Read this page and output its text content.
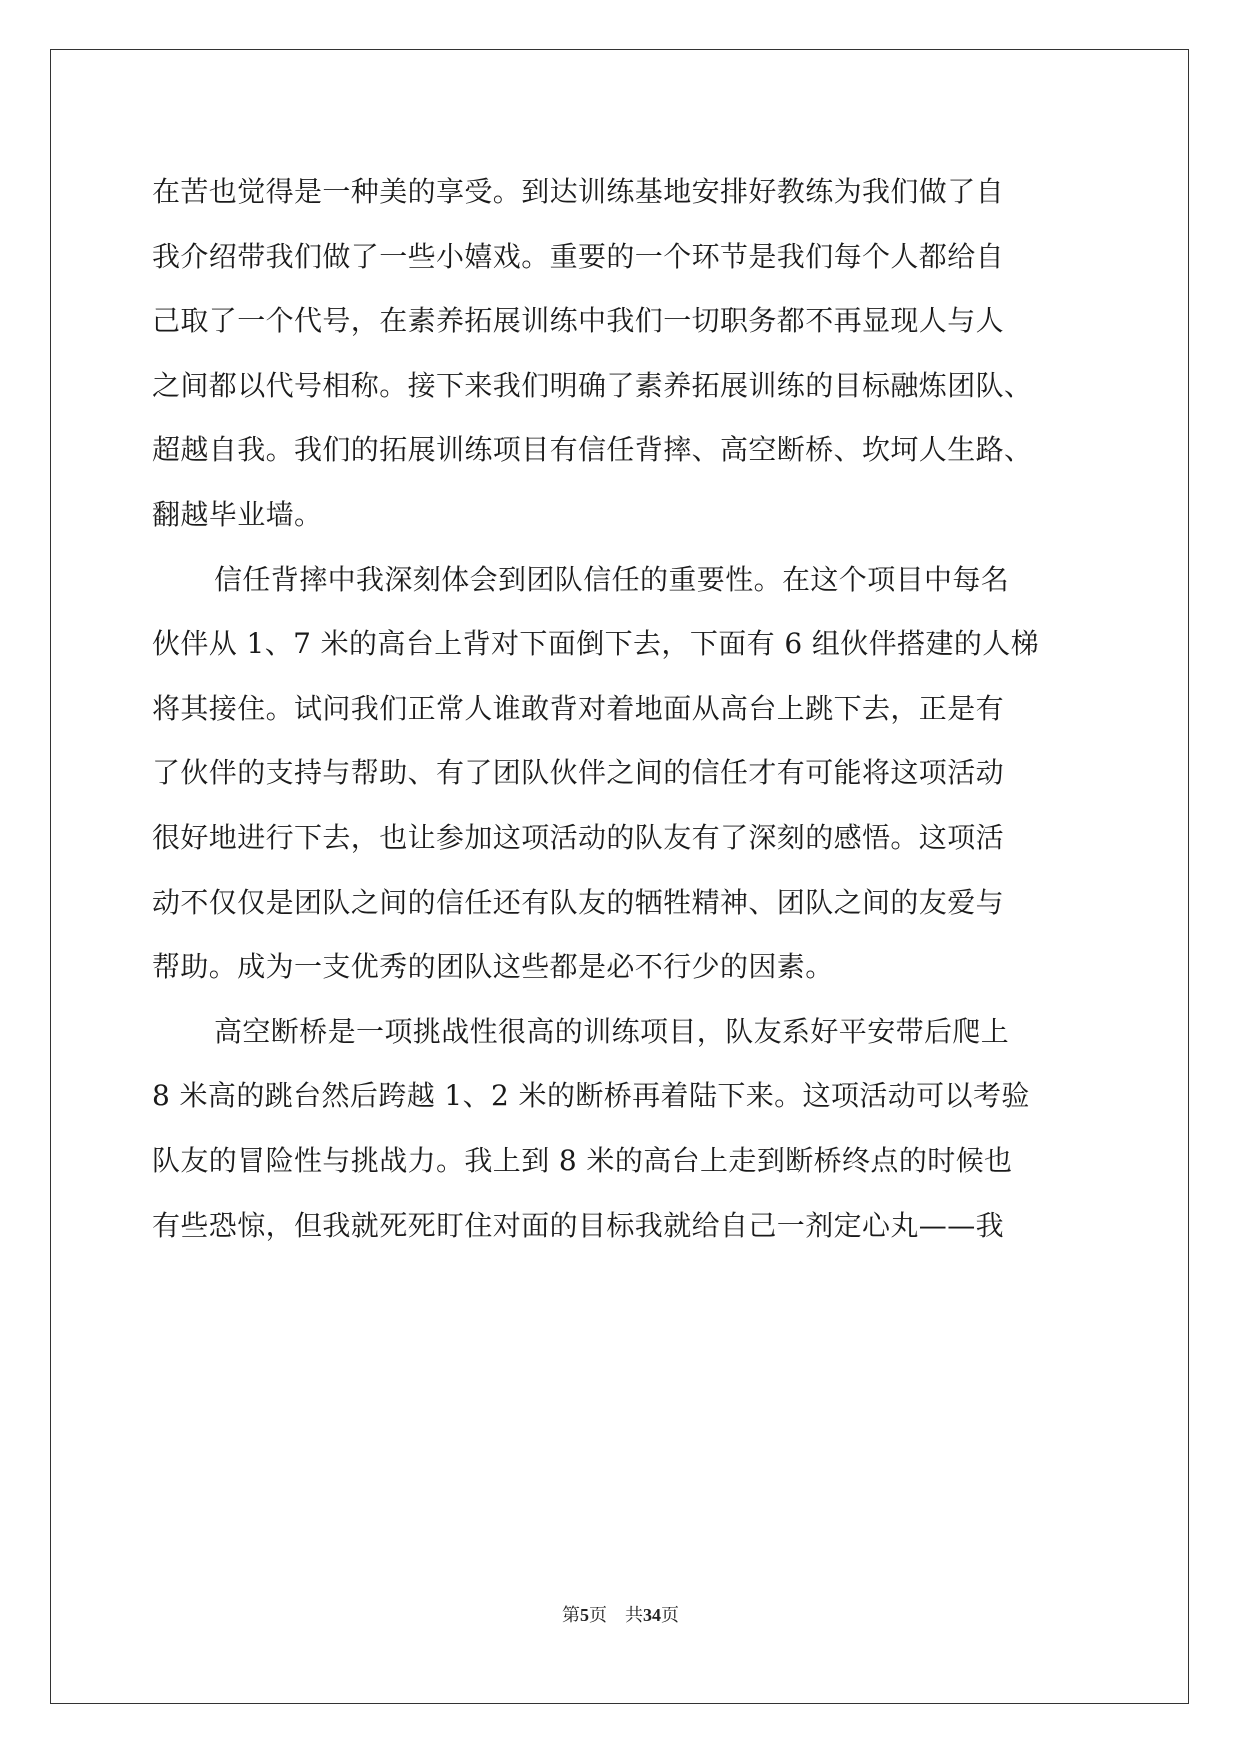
在苦也觉得是一种美的享受。到达训练基地安排好教练为我们做了自
我介绍带我们做了一些小嬉戏。重要的一个环节是我们每个人都给自
己取了一个代号，在素养拓展训练中我们一切职务都不再显现人与人
之间都以代号相称。接下来我们明确了素养拓展训练的目标融炼团队、
超越自我。我们的拓展训练项目有信任背摔、高空断桥、坎坷人生路、
翻越毕业墙。
信任背摔中我深刻体会到团队信任的重要性。在这个项目中每名
伙伴从 1、7 米的高台上背对下面倒下去，下面有 6 组伙伴搭建的人梯
将其接住。试问我们正常人谁敢背对着地面从高台上跳下去，正是有
了伙伴的支持与帮助、有了团队伙伴之间的信任才有可能将这项活动
很好地进行下去，也让参加这项活动的队友有了深刻的感悟。这项活
动不仅仅是团队之间的信任还有队友的牺牲精神、团队之间的友爱与
帮助。成为一支优秀的团队这些都是必不行少的因素。
高空断桥是一项挑战性很高的训练项目，队友系好平安带后爬上
8 米高的跳台然后跨越 1、2 米的断桥再着陆下来。这项活动可以考验
队友的冒险性与挑战力。我上到 8 米的高台上走到断桥终点的时候也
有些恐惊，但我就死死盯住对面的目标我就给自己一剂定心丸——我
第5页 共34页
